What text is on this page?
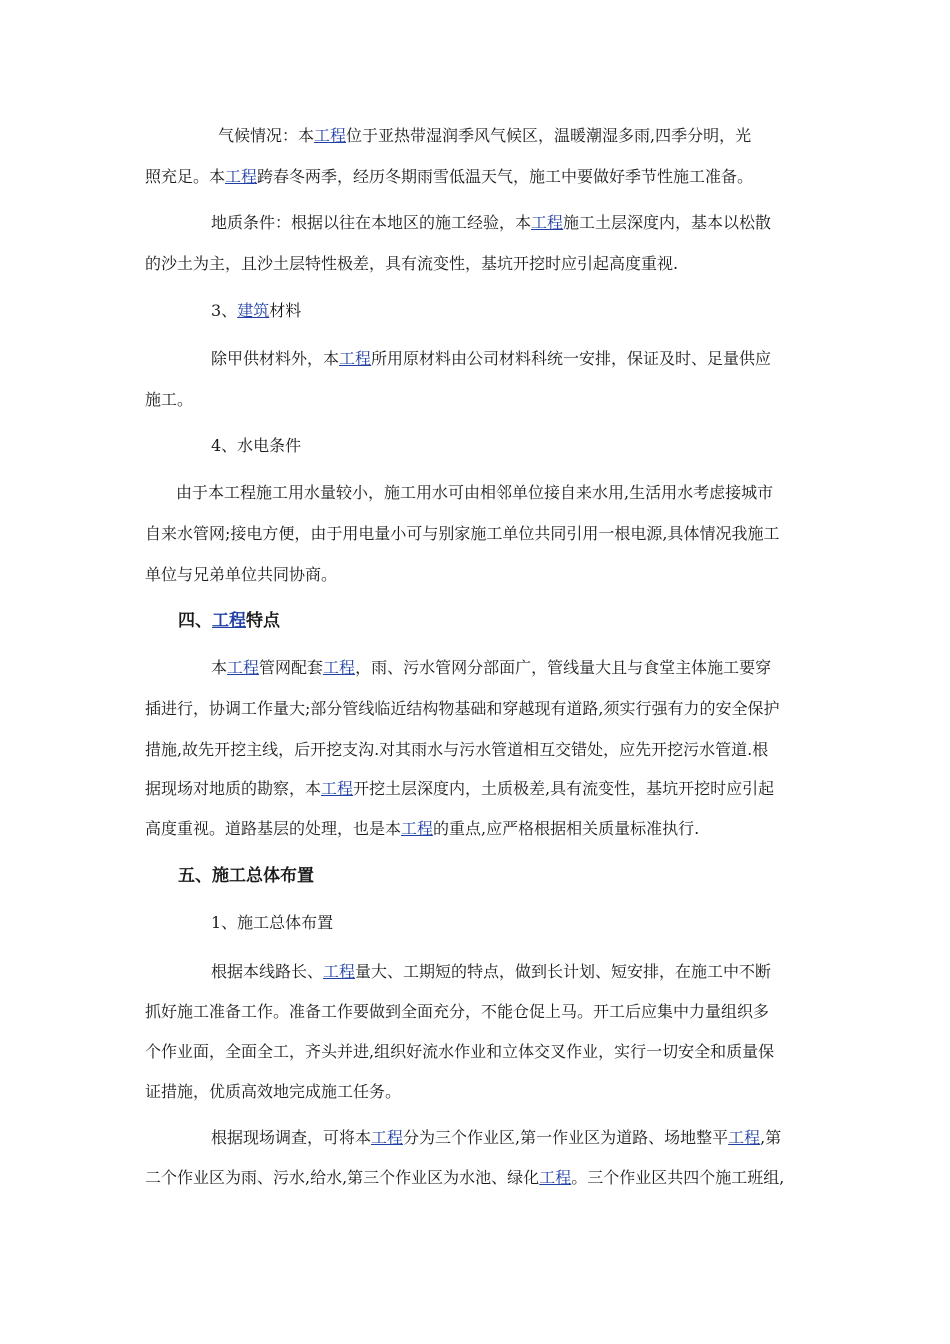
气候情况：本工程位于亚热带湿润季风气候区，温暖潮湿多雨,四季分明，光
照充足。本工程跨春冬两季，经历冬期雨雪低温天气，施工中要做好季节性施工准备。
地质条件：根据以往在本地区的施工经验，本工程施工土层深度内，基本以松散
的沙土为主，且沙土层特性极差，具有流变性，基坑开挖时应引起高度重视.
3、建筑材料
除甲供材料外，本工程所用原材料由公司材料科统一安排，保证及时、足量供应
施工。
4、水电条件
由于本工程施工用水量较小，施工用水可由相邻单位接自来水用,生活用水考虑接城市
自来水管网;接电方便，由于用电量小可与别家施工单位共同引用一根电源,具体情况我施工
单位与兄弟单位共同协商。
四、工程特点
本工程管网配套工程，雨、污水管网分部面广，管线量大且与食堂主体施工要穿
插进行，协调工作量大;部分管线临近结构物基础和穿越现有道路,须实行强有力的安全保护
措施,故先开挖主线，后开挖支沟.对其雨水与污水管道相互交错处，应先开挖污水管道.根
据现场对地质的勘察，本工程开挖土层深度内，土质极差,具有流变性，基坑开挖时应引起
高度重视。道路基层的处理，也是本工程的重点,应严格根据相关质量标准执行.
五、施工总体布置
1、施工总体布置
根据本线路长、工程量大、工期短的特点，做到长计划、短安排，在施工中不断
抓好施工准备工作。准备工作要做到全面充分，不能仓促上马。开工后应集中力量组织多
个作业面，全面全工，齐头并进,组织好流水作业和立体交叉作业，实行一切安全和质量保
证措施，优质高效地完成施工任务。
根据现场调查，可将本工程分为三个作业区,第一作业区为道路、场地整平工程,第
二个作业区为雨、污水,给水,第三个作业区为水池、绿化工程。三个作业区共四个施工班组,
